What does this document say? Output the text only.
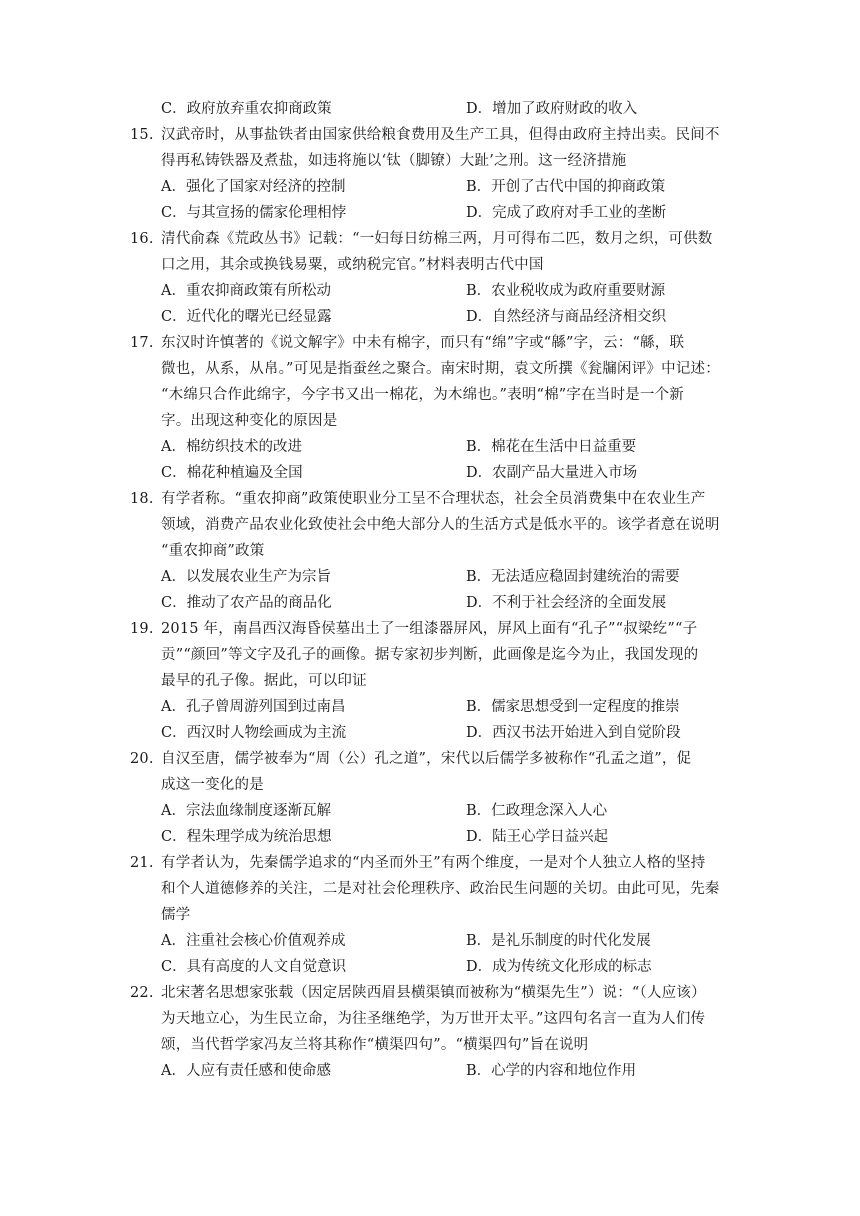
C．政府放弃重农抑商政策	D．增加了政府财政的收入
15. 汉武帝时，从事盐铁者由国家供给粮食费用及生产工具，但得由政府主持出卖。民间不
得再私铸铁器及煮盐，如违将施以‘钛（脚镣）大趾’之刑。这一经济措施
A．强化了国家对经济的控制	B．开创了古代中国的抑商政策
C．与其宣扬的儒家伦理相悖	D．完成了政府对手工业的垄断
16. 清代俞森《荒政丛书》记载：“一妇每日纺棉三两，月可得布二匹，数月之织，可供数
口之用，其余或换钱易粟，或纳税完官。”材料表明古代中国
A．重农抑商政策有所松动	B．农业税收成为政府重要财源
C．近代化的曙光已经显露	D．自然经济与商品经济相交织
17. 东汉时许慎著的《说文解字》中未有棉字，而只有“绵”字或“緜”字，云：“緜，联
微也，从系，从帛。”可见是指蚕丝之聚合。南宋时期，袁文所撰《瓮牖闲评》中记述：
“木绵只合作此绵字，今字书又出一棉花，为木绵也。”表明“棉”字在当时是一个新
字。出现这种变化的原因是
A．棉纺织技术的改进	B．棉花在生活中日益重要
C．棉花种植遍及全国	D．农副产品大量进入市场
18. 有学者称。“重农抑商”政策使职业分工呈不合理状态，社会全员消费集中在农业生产
领域，消费产品农业化致使社会中绝大部分人的生活方式是低水平的。该学者意在说明
“重农抑商”政策
A．以发展农业生产为宗旨	B．无法适应稳固封建统治的需要
C．推动了农产品的商品化	D．不利于社会经济的全面发展
19. 2015 年，南昌西汉海昏侯墓出土了一组漆器屏风，屏风上面有“孔子”“叔梁纥”“子
贡”“颜回”等文字及孔子的画像。据专家初步判断，此画像是迄今为止，我国发现的
最早的孔子像。据此，可以印证
A．孔子曾周游列国到过南昌	B．儒家思想受到一定程度的推崇
C．西汉时人物绘画成为主流	D．西汉书法开始进入到自觉阶段
20. 自汉至唐，儒学被奉为“周（公）孔之道”，宋代以后儒学多被称作“孔孟之道”，促
成这一变化的是
A．宗法血缘制度逐渐瓦解	B．仁政理念深入人心
C．程朱理学成为统治思想	D．陆王心学日益兴起
21. 有学者认为，先秦儒学追求的“内圣而外王”有两个维度，一是对个人独立人格的坚持
和个人道德修养的关注，二是对社会伦理秩序、政治民生问题的关切。由此可见，先秦
儒学
A．注重社会核心价值观养成	B．是礼乐制度的时代化发展
C．具有高度的人文自觉意识	D．成为传统文化形成的标志
22. 北宋著名思想家张载（因定居陕西眉县横渠镇而被称为“横渠先生”）说：“（人应该）
为天地立心，为生民立命，为往圣继绝学，为万世开太平。”这四句名言一直为人们传
颂，当代哲学家冯友兰将其称作“横渠四句”。“横渠四句”旨在说明
A．人应有责任感和使命感	B．心学的内容和地位作用
